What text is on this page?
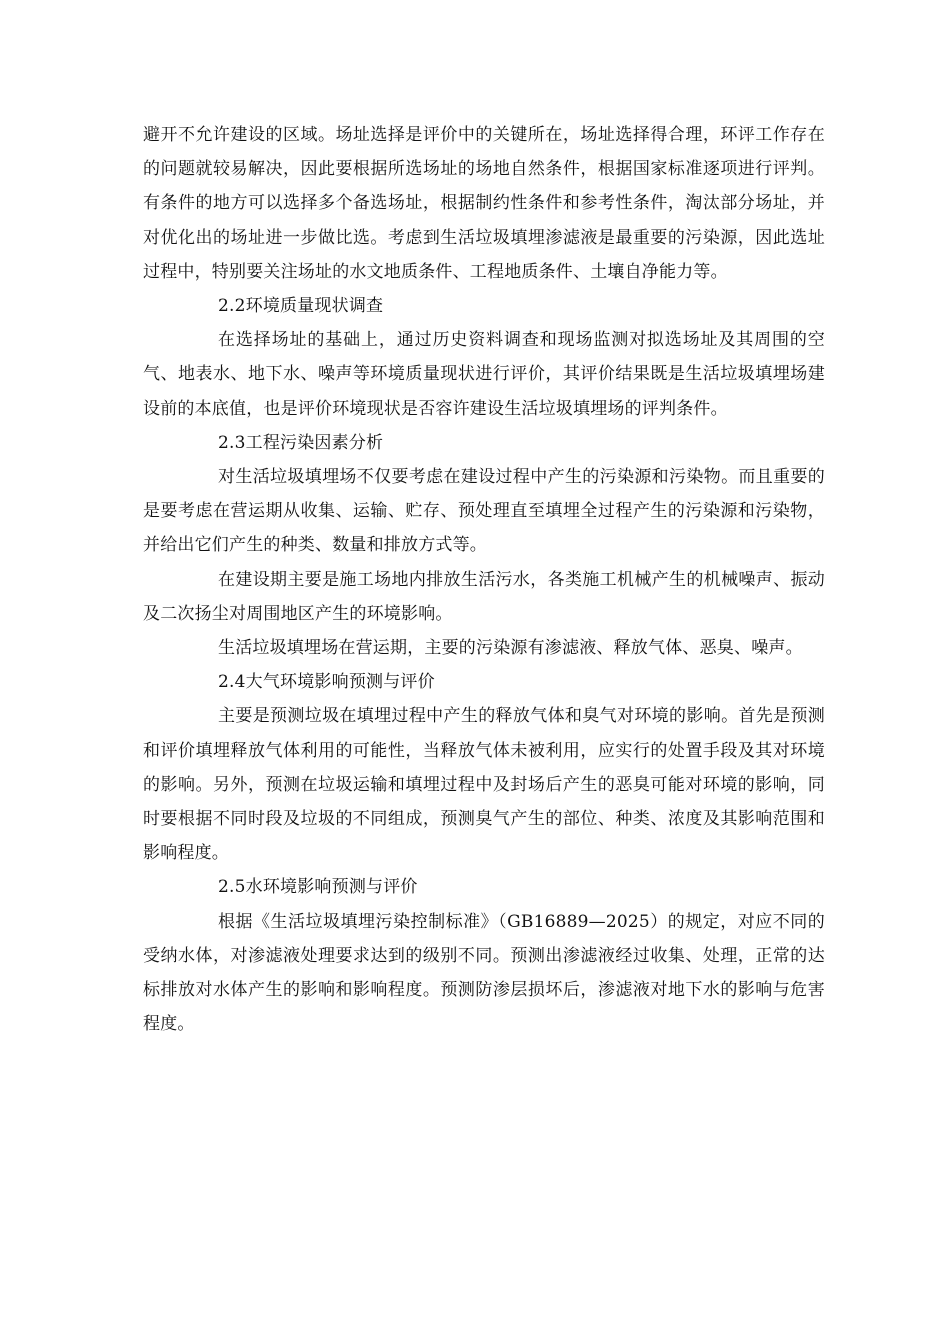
避开不允许建设的区域。场址选择是评价中的关键所在，场址选择得合理，环评工作存在的问题就较易解决，因此要根据所选场址的场地自然条件，根据国家标准逐项进行评判。有条件的地方可以选择多个备选场址，根据制约性条件和参考性条件，淘汰部分场址，并对优化出的场址进一步做比选。考虑到生活垃圾填埋渗滤液是最重要的污染源，因此选址过程中，特别要关注场址的水文地质条件、工程地质条件、土壤自净能力等。

2.2环境质量现状调查

在选择场址的基础上，通过历史资料调查和现场监测对拟选场址及其周围的空气、地表水、地下水、噪声等环境质量现状进行评价，其评价结果既是生活垃圾填埋场建设前的本底值，也是评价环境现状是否容许建设生活垃圾填埋场的评判条件。

2.3工程污染因素分析

对生活垃圾填埋场不仅要考虑在建设过程中产生的污染源和污染物。而且重要的是要考虑在营运期从收集、运输、贮存、预处理直至填埋全过程产生的污染源和污染物，并给出它们产生的种类、数量和排放方式等。

在建设期主要是施工场地内排放生活污水，各类施工机械产生的机械噪声、振动及二次扬尘对周围地区产生的环境影响。

生活垃圾填埋场在营运期，主要的污染源有渗滤液、释放气体、恶臭、噪声。

2.4大气环境影响预测与评价

主要是预测垃圾在填埋过程中产生的释放气体和臭气对环境的影响。首先是预测和评价填埋释放气体利用的可能性，当释放气体未被利用，应实行的处置手段及其对环境的影响。另外，预测在垃圾运输和填埋过程中及封场后产生的恶臭可能对环境的影响，同时要根据不同时段及垃圾的不同组成，预测臭气产生的部位、种类、浓度及其影响范围和影响程度。

2.5水环境影响预测与评价

根据《生活垃圾填埋污染控制标准》（GB16889—2025）的规定，对应不同的受纳水体，对渗滤液处理要求达到的级别不同。预测出渗滤液经过收集、处理，正常的达标排放对水体产生的影响和影响程度。预测防渗层损坏后，渗滤液对地下水的影响与危害程度。
